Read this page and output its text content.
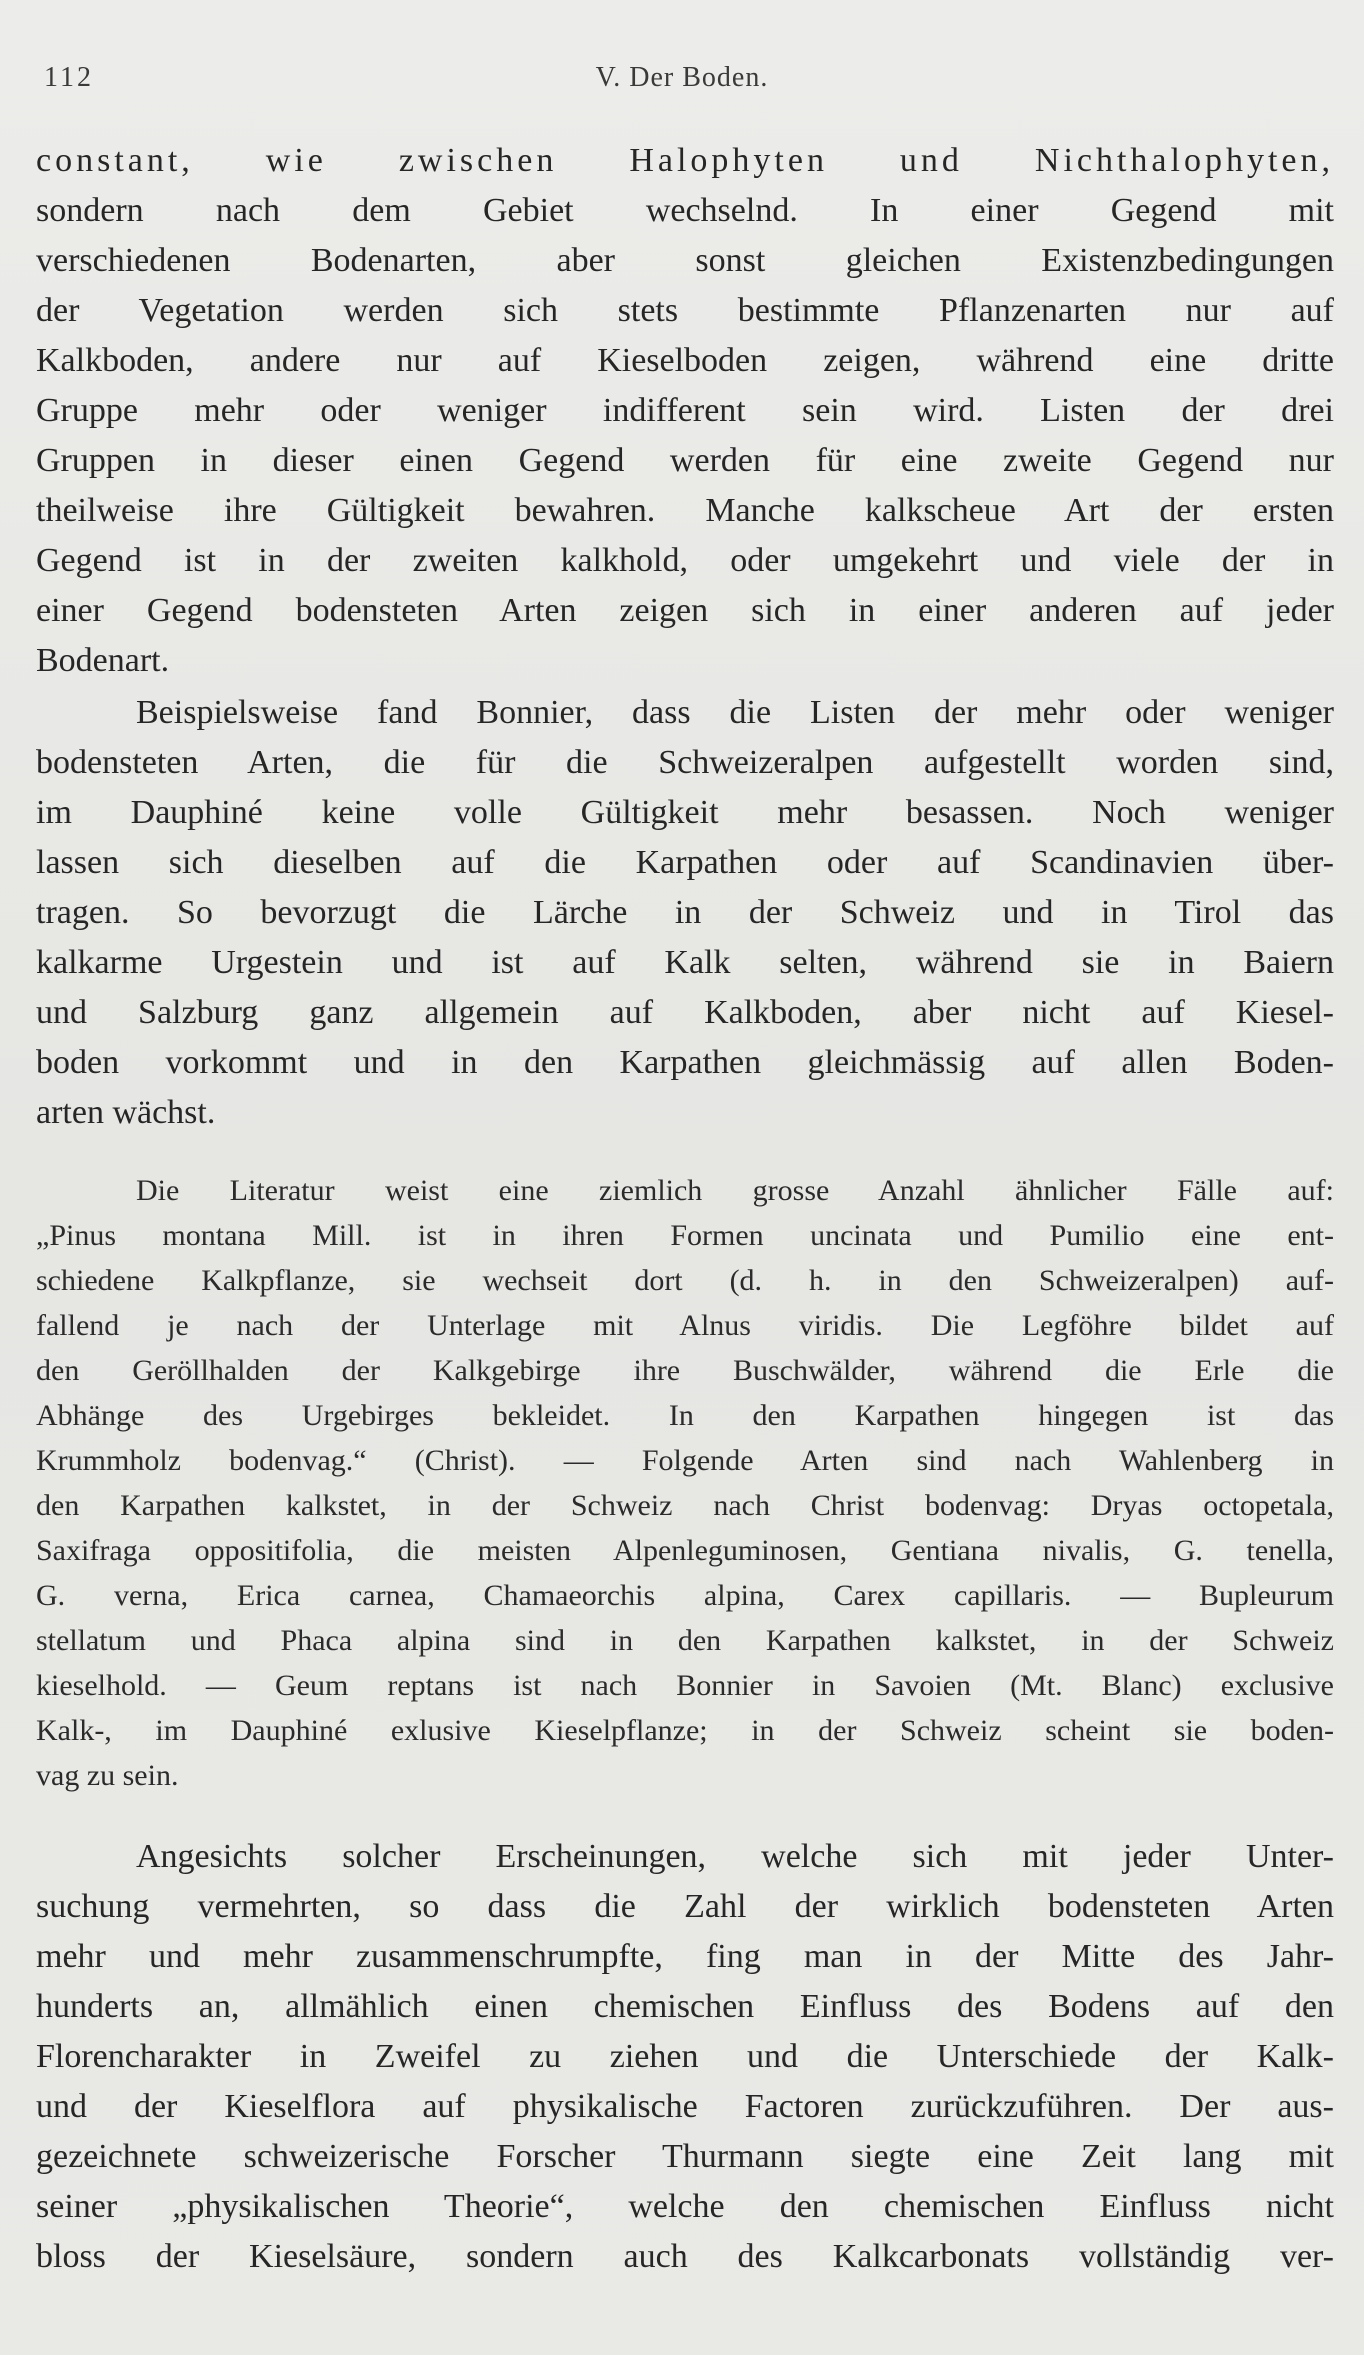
112	V. Der Boden.
constant, wie zwischen Halophyten und Nichthalophyten,
sondern nach dem Gebiet wechselnd. In einer Gegend mit
verschiedenen Bodenarten, aber sonst gleichen Existenzbedingungen
der Vegetation werden sich stets bestimmte Pflanzenarten nur auf
Kalkboden, andere nur auf Kieselboden zeigen, während eine dritte
Gruppe mehr oder weniger indifferent sein wird. Listen der drei
Gruppen in dieser einen Gegend werden für eine zweite Gegend nur
theilweise ihre Gültigkeit bewahren. Manche kalkscheue Art der ersten
Gegend ist in der zweiten kalkhold, oder umgekehrt und viele der in
einer Gegend bodensteten Arten zeigen sich in einer anderen auf jeder
Bodenart.
Beispielsweise fand Bonnier, dass die Listen der mehr oder weniger
bodensteten Arten, die für die Schweizeralpen aufgestellt worden sind,
im Dauphiné keine volle Gültigkeit mehr besassen. Noch weniger
lassen sich dieselben auf die Karpathen oder auf Scandinavien über-
tragen. So bevorzugt die Lärche in der Schweiz und in Tirol das
kalkarme Urgestein und ist auf Kalk selten, während sie in Baiern
und Salzburg ganz allgemein auf Kalkboden, aber nicht auf Kiesel-
boden vorkommt und in den Karpathen gleichmässig auf allen Boden-
arten wächst.
Die Literatur weist eine ziemlich grosse Anzahl ähnlicher Fälle auf:
„Pinus montana Mill. ist in ihren Formen uncinata und Pumilio eine ent-
schiedene Kalkpflanze, sie wechseit dort (d. h. in den Schweizeralpen) auf-
fallend je nach der Unterlage mit Alnus viridis. Die Legföhre bildet auf
den Geröllhalden der Kalkgebirge ihre Buschwälder, während die Erle die
Abhänge des Urgebirges bekleidet. In den Karpathen hingegen ist das
Krummholz bodenvag.“ (Christ). — Folgende Arten sind nach Wahlenberg in
den Karpathen kalkstet, in der Schweiz nach Christ bodenvag: Dryas octopetala,
Saxifraga oppositifolia, die meisten Alpenleguminosen, Gentiana nivalis, G. tenella,
G. verna, Erica carnea, Chamaeorchis alpina, Carex capillaris. — Bupleurum
stellatum und Phaca alpina sind in den Karpathen kalkstet, in der Schweiz
kieselhold. — Geum reptans ist nach Bonnier in Savoien (Mt. Blanc) exclusive
Kalk-, im Dauphiné exlusive Kieselpflanze; in der Schweiz scheint sie boden-
vag zu sein.
Angesichts solcher Erscheinungen, welche sich mit jeder Unter-
suchung vermehrten, so dass die Zahl der wirklich bodensteten Arten
mehr und mehr zusammenschrumpfte, fing man in der Mitte des Jahr-
hunderts an, allmählich einen chemischen Einfluss des Bodens auf den
Florencharakter in Zweifel zu ziehen und die Unterschiede der Kalk-
und der Kieselflora auf physikalische Factoren zurückzuführen. Der aus-
gezeichnete schweizerische Forscher Thurmann siegte eine Zeit lang mit
seiner „physikalischen Theorie“, welche den chemischen Einfluss nicht
bloss der Kieselsäure, sondern auch des Kalkcarbonats vollständig ver-
